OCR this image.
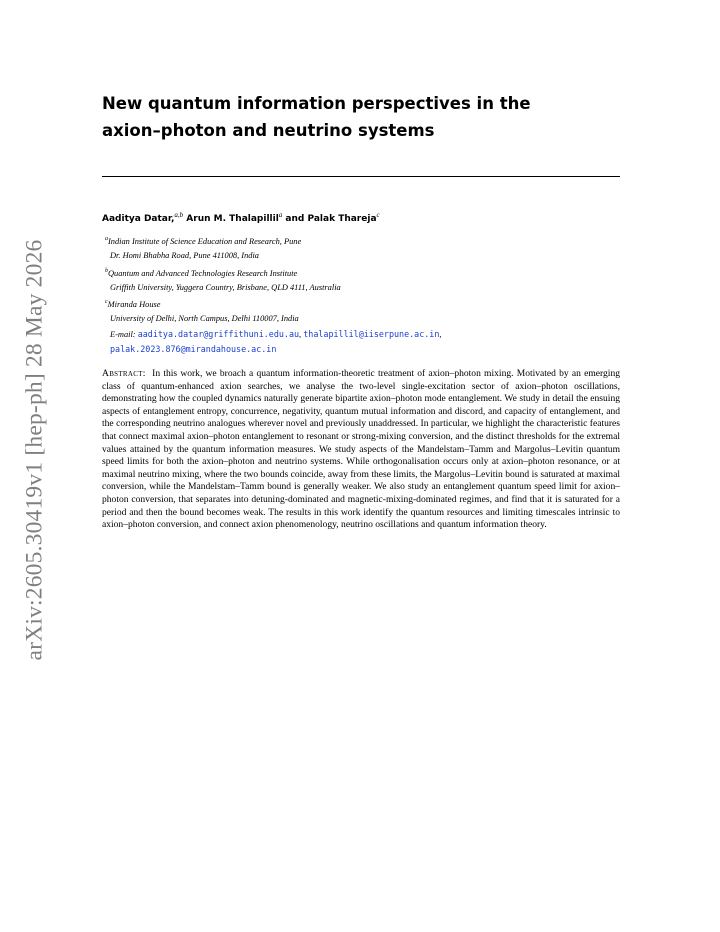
arXiv:2605.30419v1 [hep-ph] 28 May 2026
New quantum information perspectives in the
axion–photon and neutrino systems
Aaditya Datar,$^{a,b}$ Arun M. Thalapillil$^a$ and Palak Thareja$^c$
$^a$Indian Institute of Science Education and Research, Pune
Dr. Homi Bhabha Road, Pune 411008, India
$^b$Quantum and Advanced Technologies Research Institute
Griffith University, Yuggera Country, Brisbane, QLD 4111, Australia
$^c$Miranda House
University of Delhi, North Campus, Delhi 110007, India
E-mail: aaditya.datar@griffithuni.edu.au, thalapillil@iiserpune.ac.in,
palak.2023.876@mirandahouse.ac.in

Abstract: In this work, we broach a quantum information-theoretic treatment of axion–photon mixing. Motivated by an emerging class of quantum-enhanced axion searches, we analyse the two-level single-excitation sector of axion–photon oscillations, demonstrating how the coupled dynamics naturally generate bipartite axion–photon mode entanglement. We study in detail the ensuing aspects of entanglement entropy, concurrence, negativity, quantum mutual information and discord, and capacity of entanglement, and the corresponding neutrino analogues wherever novel and previously unaddressed. In particular, we highlight the characteristic features that connect maximal axion–photon entanglement to resonant or strong-mixing conversion, and the distinct thresholds for the extremal values attained by the quantum information measures. We study aspects of the Mandelstam–Tamm and Margolus–Levitin quantum speed limits for both the axion–photon and neutrino systems. While orthogonalisation occurs only at axion–photon resonance, or at maximal neutrino mixing, where the two bounds coincide, away from these limits, the Margolus–Levitin bound is saturated at maximal conversion, while the Mandelstam–Tamm bound is generally weaker. We also study an entanglement quantum speed limit for axion–photon conversion, that separates into detuning-dominated and magnetic-mixing-dominated regimes, and find that it is saturated for a period and then the bound becomes weak. The results in this work identify the quantum resources and limiting timescales intrinsic to axion–photon conversion, and connect axion phenomenology, neutrino oscillations and quantum information theory.
